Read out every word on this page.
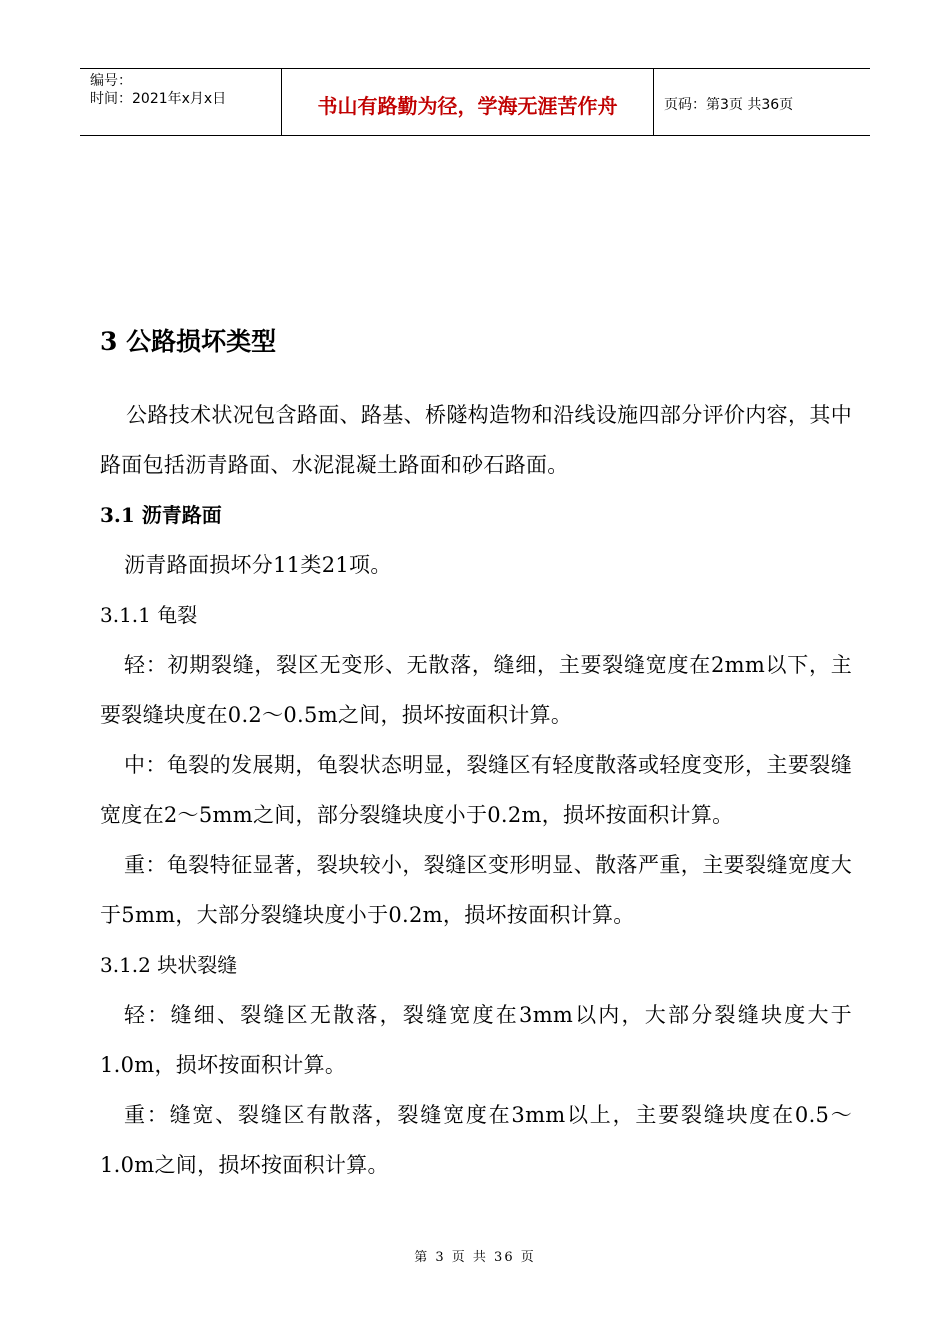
编号：
时间：2021年x月x日	书山有路勤为径，学海无涯苦作舟	页码：第3页 共36页
3 公路损坏类型

公路技术状况包含路面、路基、桥隧构造物和沿线设施四部分评价内容，其中路面包括沥青路面、水泥混凝土路面和砂石路面。

3.1 沥青路面

沥青路面损坏分11类21项。

3.1.1 龟裂

轻：初期裂缝，裂区无变形、无散落，缝细，主要裂缝宽度在2mm以下，主要裂缝块度在0.2～0.5m之间，损坏按面积计算。

中：龟裂的发展期，龟裂状态明显，裂缝区有轻度散落或轻度变形，主要裂缝宽度在2～5mm之间，部分裂缝块度小于0.2m，损坏按面积计算。

重：龟裂特征显著，裂块较小，裂缝区变形明显、散落严重，主要裂缝宽度大于5mm，大部分裂缝块度小于0.2m，损坏按面积计算。

3.1.2 块状裂缝

轻：缝细、裂缝区无散落，裂缝宽度在3mm以内，大部分裂缝块度大于1.0m，损坏按面积计算。

重：缝宽、裂缝区有散落，裂缝宽度在3mm以上，主要裂缝块度在0.5～1.0m之间，损坏按面积计算。

第 3 页 共 36 页
